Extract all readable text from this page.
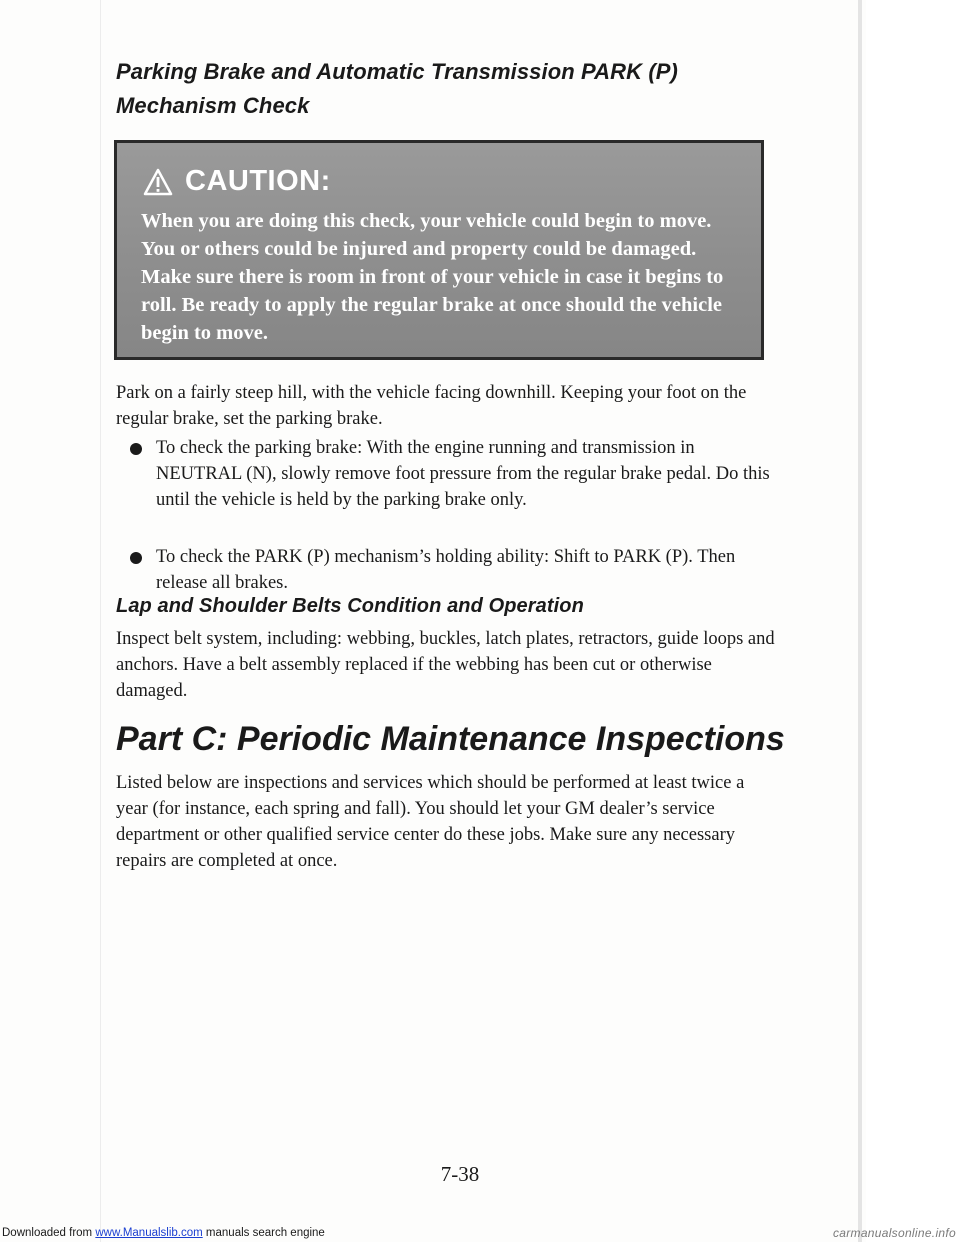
Parking Brake and Automatic Transmission PARK (P)
Mechanism Check
CAUTION:

When you are doing this check, your vehicle could begin to move. You or others could be injured and property could be damaged. Make sure there is room in front of your vehicle in case it begins to roll. Be ready to apply the regular brake at once should the vehicle begin to move.

Park on a fairly steep hill, with the vehicle facing downhill. Keeping your foot on the regular brake, set the parking brake.

To check the parking brake: With the engine running and transmission in NEUTRAL (N), slowly remove foot pressure from the regular brake pedal. Do this until the vehicle is held by the parking brake only.

To check the PARK (P) mechanism’s holding ability: Shift to PARK (P). Then release all brakes.

Lap and Shoulder Belts Condition and Operation

Inspect belt system, including: webbing, buckles, latch plates, retractors, guide loops and anchors. Have a belt assembly replaced if the webbing has been cut or otherwise damaged.

Part C: Periodic Maintenance Inspections

Listed below are inspections and services which should be performed at least twice a year (for instance, each spring and fall). You should let your GM dealer’s service department or other qualified service center do these jobs. Make sure any necessary repairs are completed at once.

7-38
Downloaded from www.Manualslib.com manuals search engine	carmanualsonline.info
